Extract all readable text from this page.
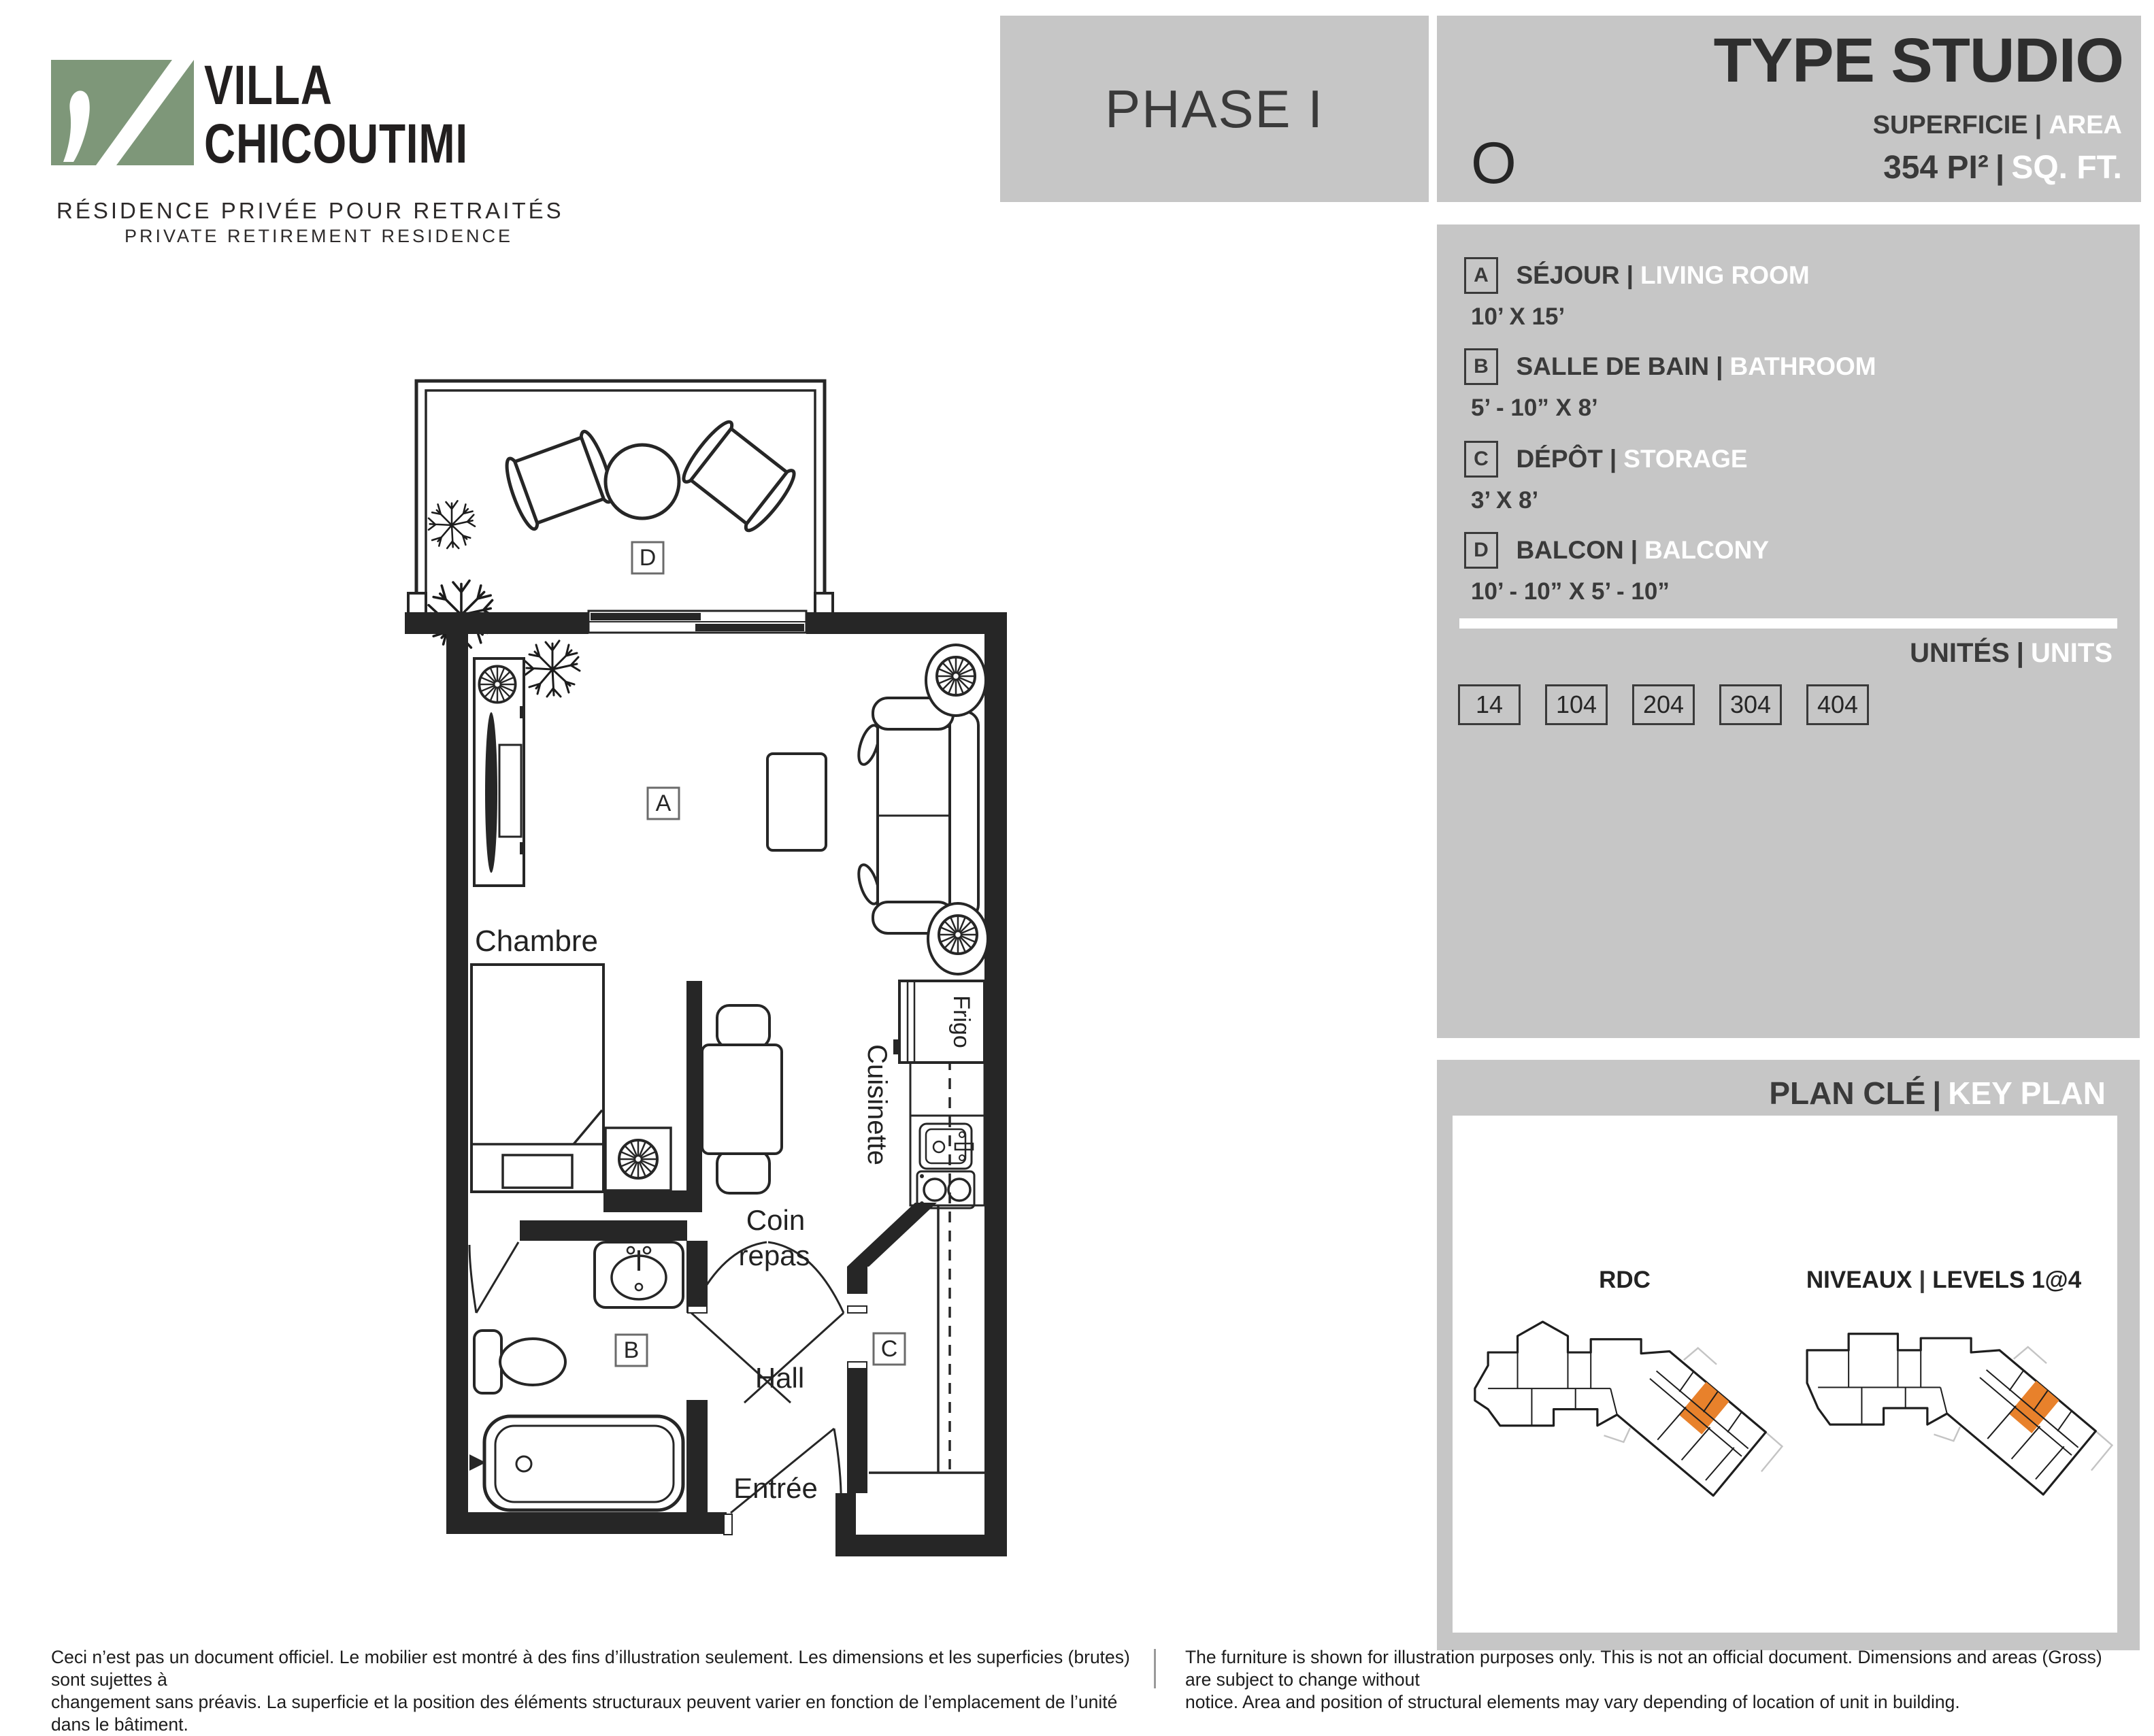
VILLA
CHICOUTIMI
RÉSIDENCE PRIVÉE POUR RETRAITÉS
PRIVATE RETIREMENT RESIDENCE
PHASE I
TYPE STUDIO
SUPERFICIE | AREA
354 PI² | SQ. FT.
O
A SÉJOUR | LIVING ROOM
10’ X 15’
B SALLE DE BAIN | BATHROOM
5’ - 10” X 8’
C DÉPÔT | STORAGE
3’ X 8’
D BALCON | BALCONY
10’ - 10” X 5’ - 10”
UNITÉS | UNITS
14	104	204	304	404
PLAN CLÉ | KEY PLAN
RDC	NIVEAUX | LEVELS 1@4
D
A
B	C
Chambre
Coin
repas
Cuisinette
Frigo
Hall
Entrée
Ceci n’est pas un document officiel. Le mobilier est montré à des fins d’illustration seulement. Les dimensions et les superficies (brutes) sont sujettes à
changement sans préavis. La superficie et la position des éléments structuraux peuvent varier en fonction de l’emplacement de l’unité dans le bâtiment.
The furniture is shown for illustration purposes only. This is not an official document. Dimensions and areas (Gross) are subject to change without
notice. Area and position of structural elements may vary depending of location of unit in building.
